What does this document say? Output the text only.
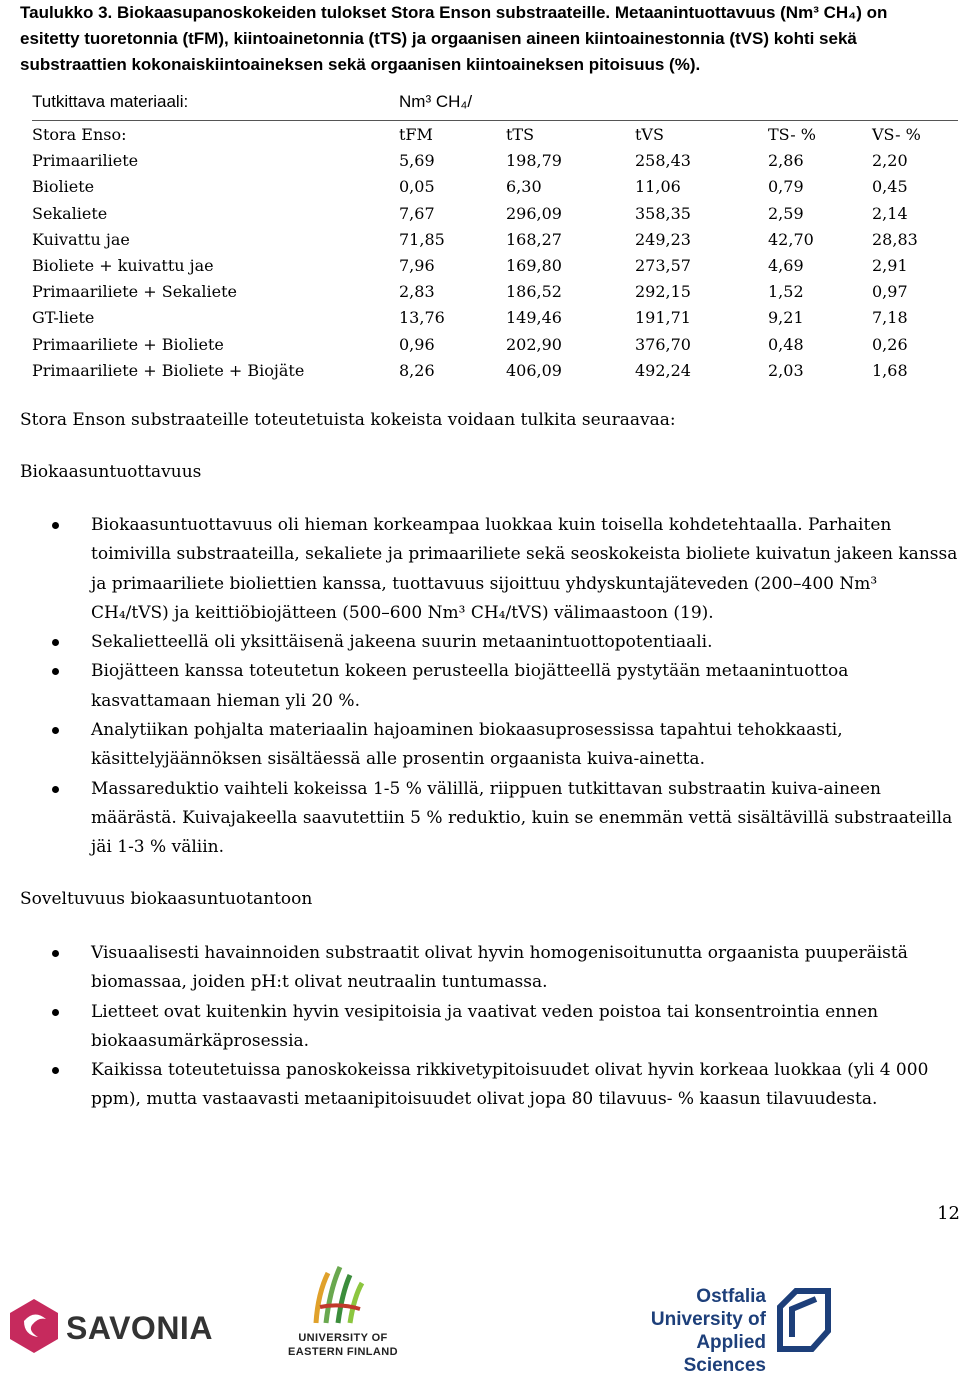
Taulukko 3. Biokaasupanoskokeiden tulokset Stora Enson substraateille. Metaanintuottavuus (Nm³ CH₄) on esitetty tuoretonnia (tFM), kiintoainetonnia (tTS) ja orgaanisen aineen kiintoainestonnia (tVS) kohti sekä substraattien kokonaiskiintoaineksen sekä orgaanisen kiintoaineksen pitoisuus (%).
Tutkittava materiaali:	Nm³ CH₄/
Stora Enso:	tFM	tTS	tVS	TS- %	VS- %
Primaariliete	5,69	198,79	258,43	2,86	2,20
Bioliete	0,05	6,30	11,06	0,79	0,45
Sekaliete	7,67	296,09	358,35	2,59	2,14
Kuivattu jae	71,85	168,27	249,23	42,70	28,83
Bioliete + kuivattu jae	7,96	169,80	273,57	4,69	2,91
Primaariliete + Sekaliete	2,83	186,52	292,15	1,52	0,97
GT-liete	13,76	149,46	191,71	9,21	7,18
Primaariliete + Bioliete	0,96	202,90	376,70	0,48	0,26
Primaariliete + Bioliete + Biojäte	8,26	406,09	492,24	2,03	1,68
Stora Enson substraateille toteutetuista kokeista voidaan tulkita seuraavaa:
Biokaasuntuottavuus
Biokaasuntuottavuus oli hieman korkeampaa luokkaa kuin toisella kohdetehtaalla. Parhaiten toimivilla substraateilla, sekaliete ja primaariliete sekä seoskokeista bioliete kuivatun jakeen kanssa ja primaariliete bioliettien kanssa, tuottavuus sijoittuu yhdyskuntajäteveden (200–400 Nm³ CH₄/tVS) ja keittiöbiojätteen (500–600 Nm³ CH₄/tVS) välimaastoon (19).
Sekalietteellä oli yksittäisenä jakeena suurin metaanintuottopotentiaali.
Biojätteen kanssa toteutetun kokeen perusteella biojätteellä pystytään metaanintuottoa kasvattamaan hieman yli 20 %.
Analytiikan pohjalta materiaalin hajoaminen biokaasuprosessissa tapahtui tehokkaasti, käsittelyjäännöksen sisältäessä alle prosentin orgaanista kuiva-ainetta.
Massareduktio vaihteli kokeissa 1-5 % välillä, riippuen tutkittavan substraatin kuiva-aineen määrästä. Kuivajakeella saavutettiin 5 % reduktio, kuin se enemmän vettä sisältävillä substraateilla jäi 1-3 % väliin.
Soveltuvuus biokaasuntuotantoon
Visuaalisesti havainnoiden substraatit olivat hyvin homogenisoitunutta orgaanista puuperäistä biomassaa, joiden pH:t olivat neutraalin tuntumassa.
Lietteet ovat kuitenkin hyvin vesipitoisia ja vaativat veden poistoa tai konsentrointia ennen biokaasumärkäprosessia.
Kaikissa toteutetuissa panoskokeissa rikkivetypitoisuudet olivat hyvin korkeaa luokkaa (yli 4 000 ppm), mutta vastaavasti metaanipitoisuudet olivat jopa 80 tilavuus- % kaasun tilavuudesta.
12
SAVONIA	UNIVERSITY OF
EASTERN FINLAND
Ostfalia
University of
Applied Sciences
